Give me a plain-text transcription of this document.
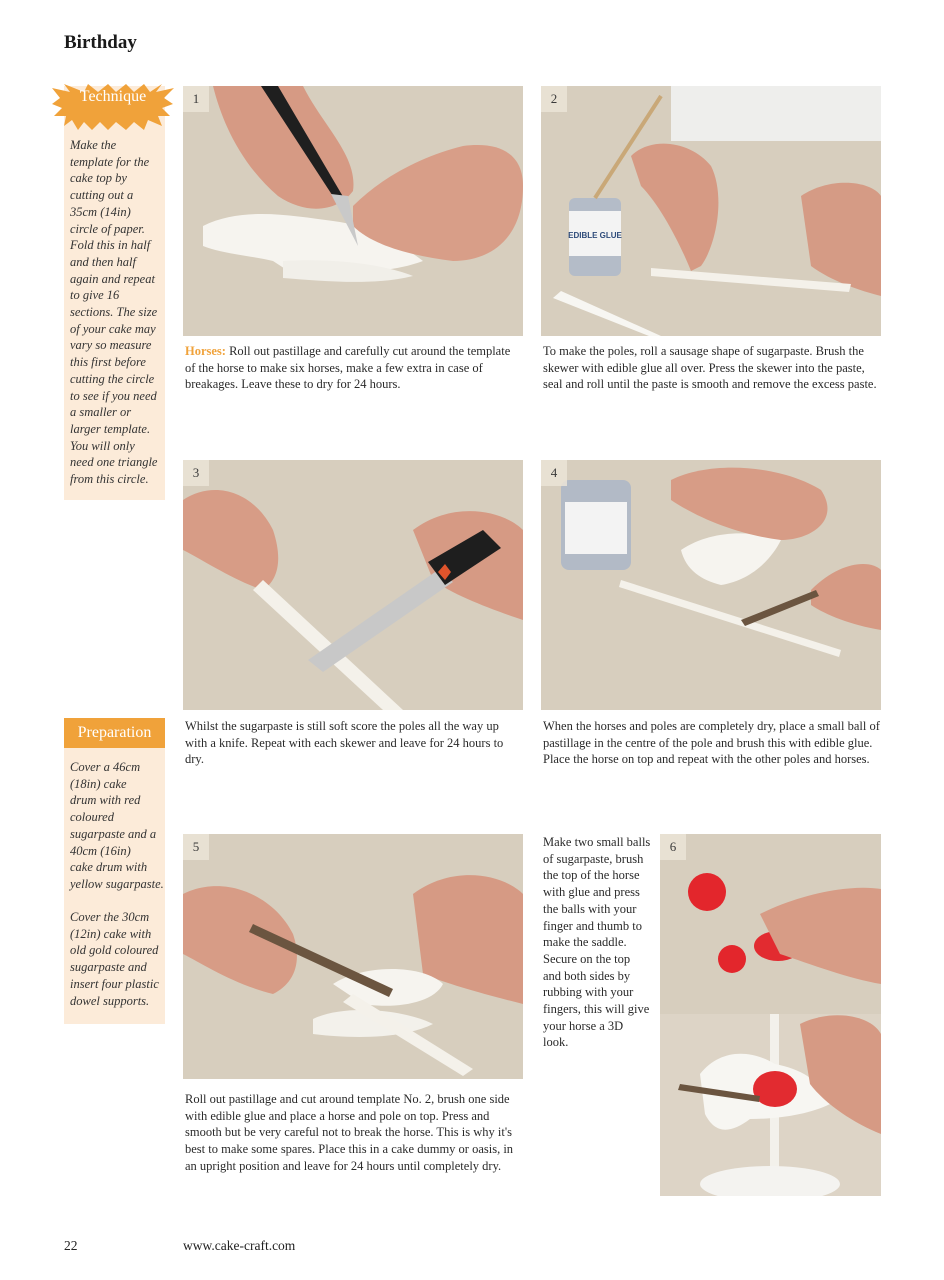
Birthday
Technique
Make the
template for the
cake top by
cutting out a
35cm (14in)
circle of paper.
Fold this in half
and then half
again and repeat
to give 16
sections. The size
of your cake may
vary so measure
this first before
cutting the circle
to see if you need
a smaller or
larger template.
You will only
need one triangle
from this circle.
Preparation
Cover a 46cm
(18in) cake
drum with red
coloured
sugarpaste and a
40cm (16in)
cake drum with
yellow sugarpaste.
Cover the 30cm
(12in) cake with
old gold coloured
sugarpaste and
insert four plastic
dowel supports.
1
Horses: Roll out pastillage and carefully cut around the template of the horse to make six horses, make a few extra in case of breakages. Leave these to dry for 24 hours.
EDIBLE GLUE
2
To make the poles, roll a sausage shape of sugarpaste. Brush the skewer with edible glue all over. Press the skewer into the paste, seal and roll until the paste is smooth and remove the excess paste.
3
Whilst the sugarpaste is still soft score the poles all the way up with a knife. Repeat with each skewer and leave for 24 hours to dry.
4
When the horses and poles are completely dry, place a small ball of pastillage in the centre of the pole and brush this with edible glue. Place the horse on top and repeat with the other poles and horses.
5
Roll out pastillage and cut around template No. 2, brush one side with edible glue and place a horse and pole on top. Press and smooth but be very careful not to break the horse. This is why it's best to make some spares. Place this in a cake dummy or oasis, in an upright position and leave for 24 hours until completely dry.
Make two small balls of sugarpaste, brush the top of the horse with glue and press the balls with your finger and thumb to make the saddle. Secure on the top and both sides by rubbing with your fingers, this will give your horse a 3D look.
6
22	www.cake-craft.com
